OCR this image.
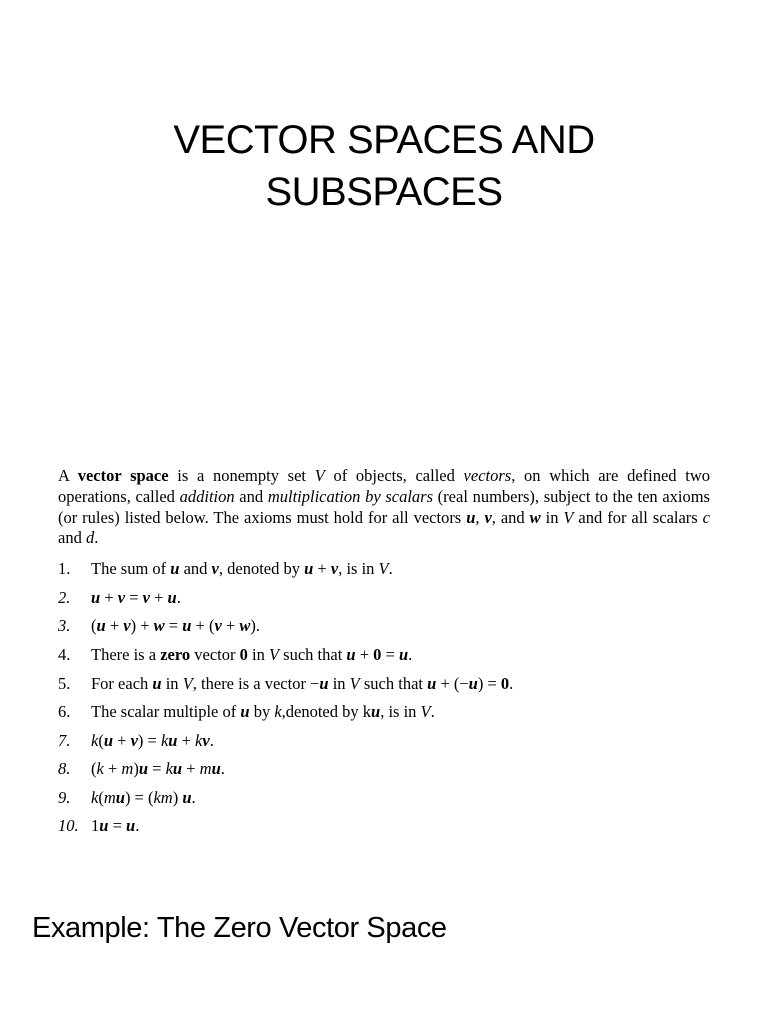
VECTOR SPACES AND
SUBSPACES

A vector space is a nonempty set V of objects, called vectors, on which are defined two operations, called addition and multiplication by scalars (real numbers), subject to the ten axioms (or rules) listed below. The axioms must hold for all vectors u, v, and w in V and for all scalars c and d.

1. The sum of u and v, denoted by u + v, is in V.
2. u + v = v + u.
3. (u + v) + w = u + (v + w).
4. There is a zero vector 0 in V such that u + 0 = u.
5. For each u in V, there is a vector −u in V such that u + (−u) = 0.
6. The scalar multiple of u by k,denoted by ku, is in V.
7. k(u + v) = ku + kv.
8. (k + m)u = ku + mu.
9. k(mu) = (km) u.
10. 1u = u.
Example: The Zero Vector Space
